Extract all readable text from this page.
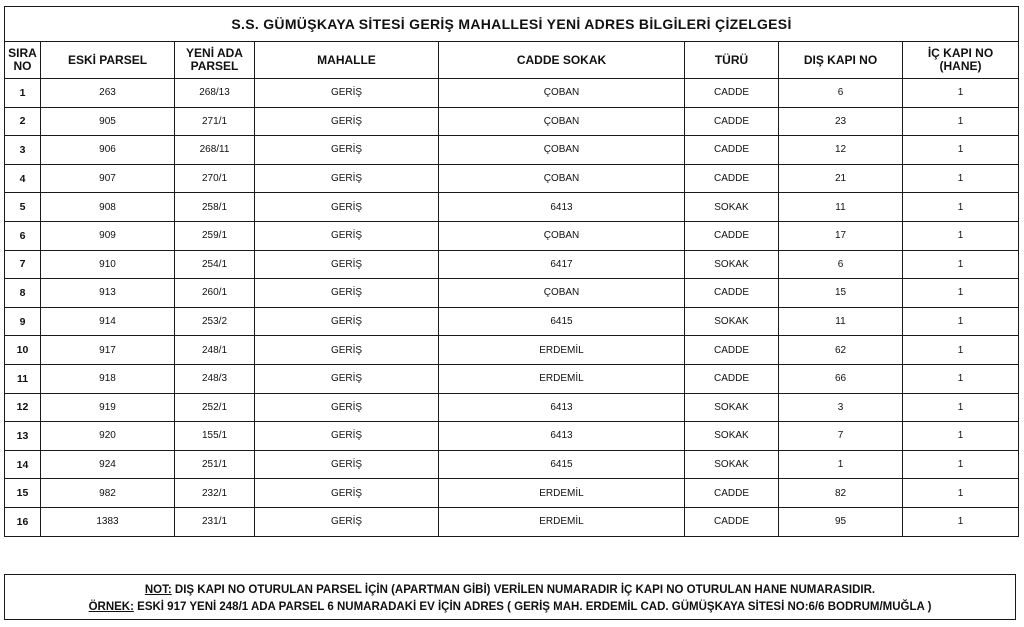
S.S. GÜMÜŞKAYA SİTESİ GERİŞ MAHALLESİ YENİ ADRES BİLGİLERİ ÇİZELGESİ							
SIRA
NO	ESKİ PARSEL	YENİ ADA
PARSEL	MAHALLE	CADDE SOKAK	TÜRÜ	DIŞ KAPI NO	İÇ KAPI NO
(HANE)
1	263	268/13	GERİŞ	ÇOBAN	CADDE	6	1
2	905	271/1	GERİŞ	ÇOBAN	CADDE	23	1
3	906	268/11	GERİŞ	ÇOBAN	CADDE	12	1
4	907	270/1	GERİŞ	ÇOBAN	CADDE	21	1
5	908	258/1	GERİŞ	6413	SOKAK	11	1
6	909	259/1	GERİŞ	ÇOBAN	CADDE	17	1
7	910	254/1	GERİŞ	6417	SOKAK	6	1
8	913	260/1	GERİŞ	ÇOBAN	CADDE	15	1
9	914	253/2	GERİŞ	6415	SOKAK	11	1
10	917	248/1	GERİŞ	ERDEMİL	CADDE	62	1
11	918	248/3	GERİŞ	ERDEMİL	CADDE	66	1
12	919	252/1	GERİŞ	6413	SOKAK	3	1
13	920	155/1	GERİŞ	6413	SOKAK	7	1
14	924	251/1	GERİŞ	6415	SOKAK	1	1
15	982	232/1	GERİŞ	ERDEMİL	CADDE	82	1
16	1383	231/1	GERİŞ	ERDEMİL	CADDE	95	1
NOT: DIŞ KAPI NO OTURULAN PARSEL İÇİN (APARTMAN GİBİ) VERİLEN NUMARADIR İÇ KAPI NO OTURULAN HANE NUMARASIDIR.
ÖRNEK: ESKİ 917 YENİ 248/1 ADA PARSEL 6 NUMARADAKİ EV İÇİN ADRES ( GERİŞ MAH. ERDEMİL CAD. GÜMÜŞKAYA SİTESİ NO:6/6 BODRUM/MUĞLA )
